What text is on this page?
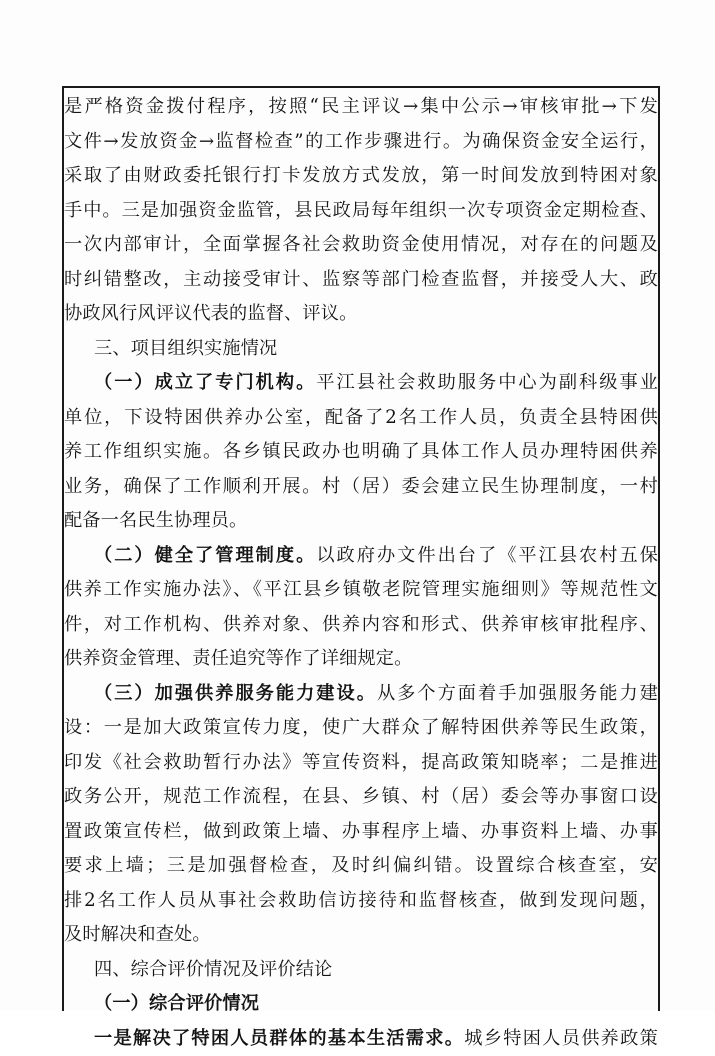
是严格资金拨付程序，按照“民主评议→集中公示→审核审批→下发
文件→发放资金→监督检查”的工作步骤进行。为确保资金安全运行，
采取了由财政委托银行打卡发放方式发放，第一时间发放到特困对象
手中。三是加强资金监管，县民政局每年组织一次专项资金定期检查、
一次内部审计，全面掌握各社会救助资金使用情况，对存在的问题及
时纠错整改，主动接受审计、监察等部门检查监督，并接受人大、政
协政风行风评议代表的监督、评议。
三、项目组织实施情况
（一）成立了专门机构。平江县社会救助服务中心为副科级事业
单位，下设特困供养办公室，配备了2名工作人员，负责全县特困供
养工作组织实施。各乡镇民政办也明确了具体工作人员办理特困供养
业务，确保了工作顺利开展。村（居）委会建立民生协理制度，一村
配备一名民生协理员。
（二）健全了管理制度。以政府办文件出台了《平江县农村五保
供养工作实施办法》、《平江县乡镇敬老院管理实施细则》等规范性文
件，对工作机构、供养对象、供养内容和形式、供养审核审批程序、
供养资金管理、责任追究等作了详细规定。
（三）加强供养服务能力建设。从多个方面着手加强服务能力建
设：一是加大政策宣传力度，使广大群众了解特困供养等民生政策，
印发《社会救助暂行办法》等宣传资料，提高政策知晓率；二是推进
政务公开，规范工作流程，在县、乡镇、村（居）委会等办事窗口设
置政策宣传栏，做到政策上墙、办事程序上墙、办事资料上墙、办事
要求上墙；三是加强督检查，及时纠偏纠错。设置综合核查室，安
排2名工作人员从事社会救助信访接待和监督核查，做到发现问题，
及时解决和查处。
四、综合评价情况及评价结论
（一）综合评价情况
一是解决了特困人员群体的基本生活需求。城乡特困人员供养政策
